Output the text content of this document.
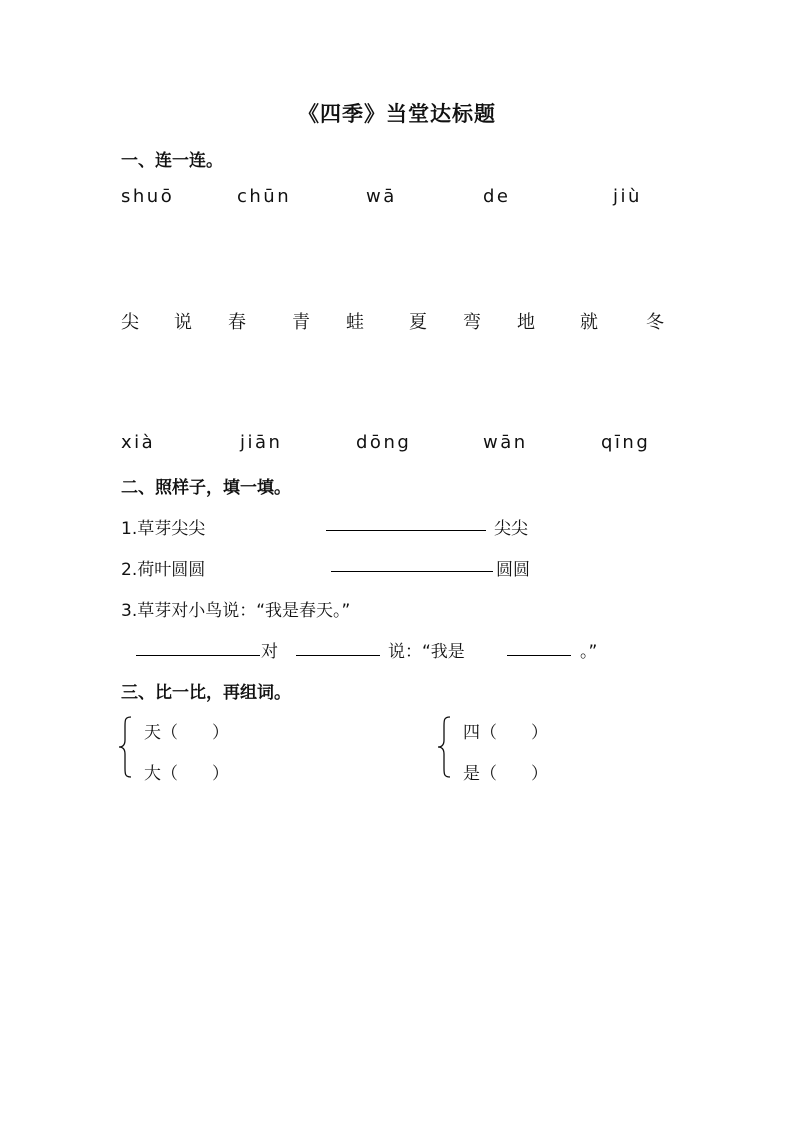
《四季》当堂达标题
一、连一连。
shuō	chūn	wā	de	jiù
尖 说 春	青 蛙	夏 弯 地	就	冬
xià	jiān	dōng	wān	qīng
二、照样子，填一填。
1.草芽尖尖	尖尖
2.荷叶圆圆	圆圆
3.草芽对小鸟说：“我是春天。”
对	说：“我是	。”
三、比一比，再组词。
天（　　）
大（　　）
四（　　）
是（　　）
